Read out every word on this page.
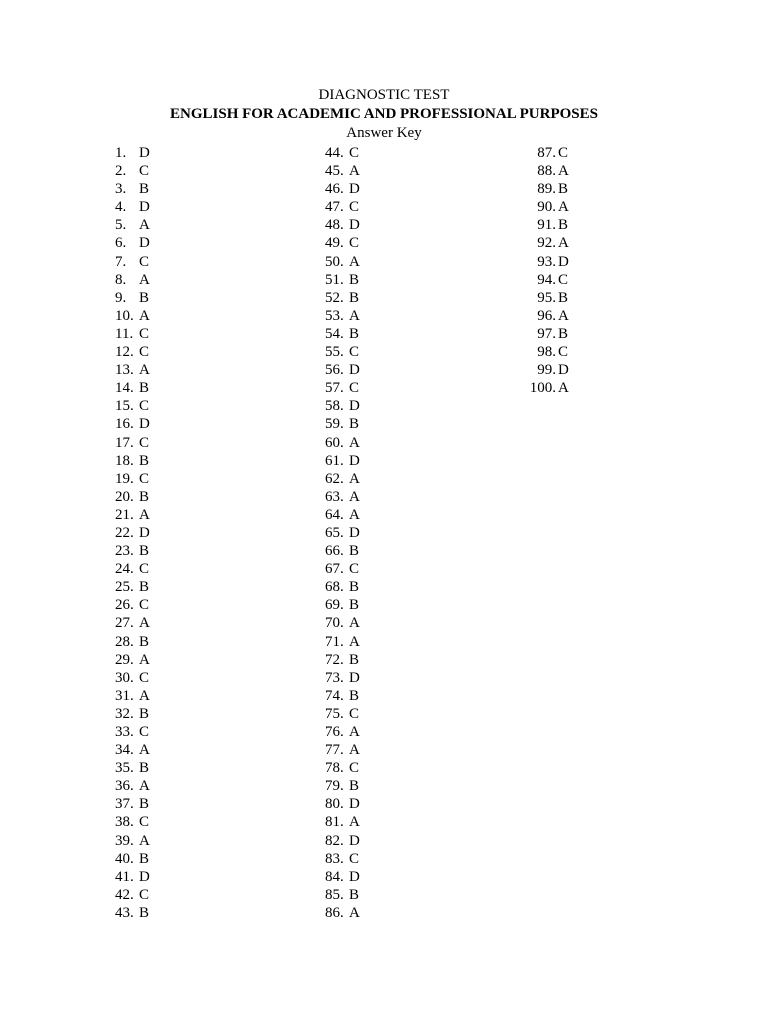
DIAGNOSTIC TEST
ENGLISH FOR ACADEMIC AND PROFESSIONAL PURPOSES
Answer Key
1. D
2. C
3. B
4. D
5. A
6. D
7. C
8. A
9. B
10. A
11. C
12. C
13. A
14. B
15. C
16. D
17. C
18. B
19. C
20. B
21. A
22. D
23. B
24. C
25. B
26. C
27. A
28. B
29. A
30. C
31. A
32. B
33. C
34. A
35. B
36. A
37. B
38. C
39. A
40. B
41. D
42. C
43. B
44. C
45. A
46. D
47. C
48. D
49. C
50. A
51. B
52. B
53. A
54. B
55. C
56. D
57. C
58. D
59. B
60. A
61. D
62. A
63. A
64. A
65. D
66. B
67. C
68. B
69. B
70. A
71. A
72. B
73. D
74. B
75. C
76. A
77. A
78. C
79. B
80. D
81. A
82. D
83. C
84. D
85. B
86. A
87. C
88. A
89. B
90. A
91. B
92. A
93. D
94. C
95. B
96. A
97. B
98. C
99. D
100. A
